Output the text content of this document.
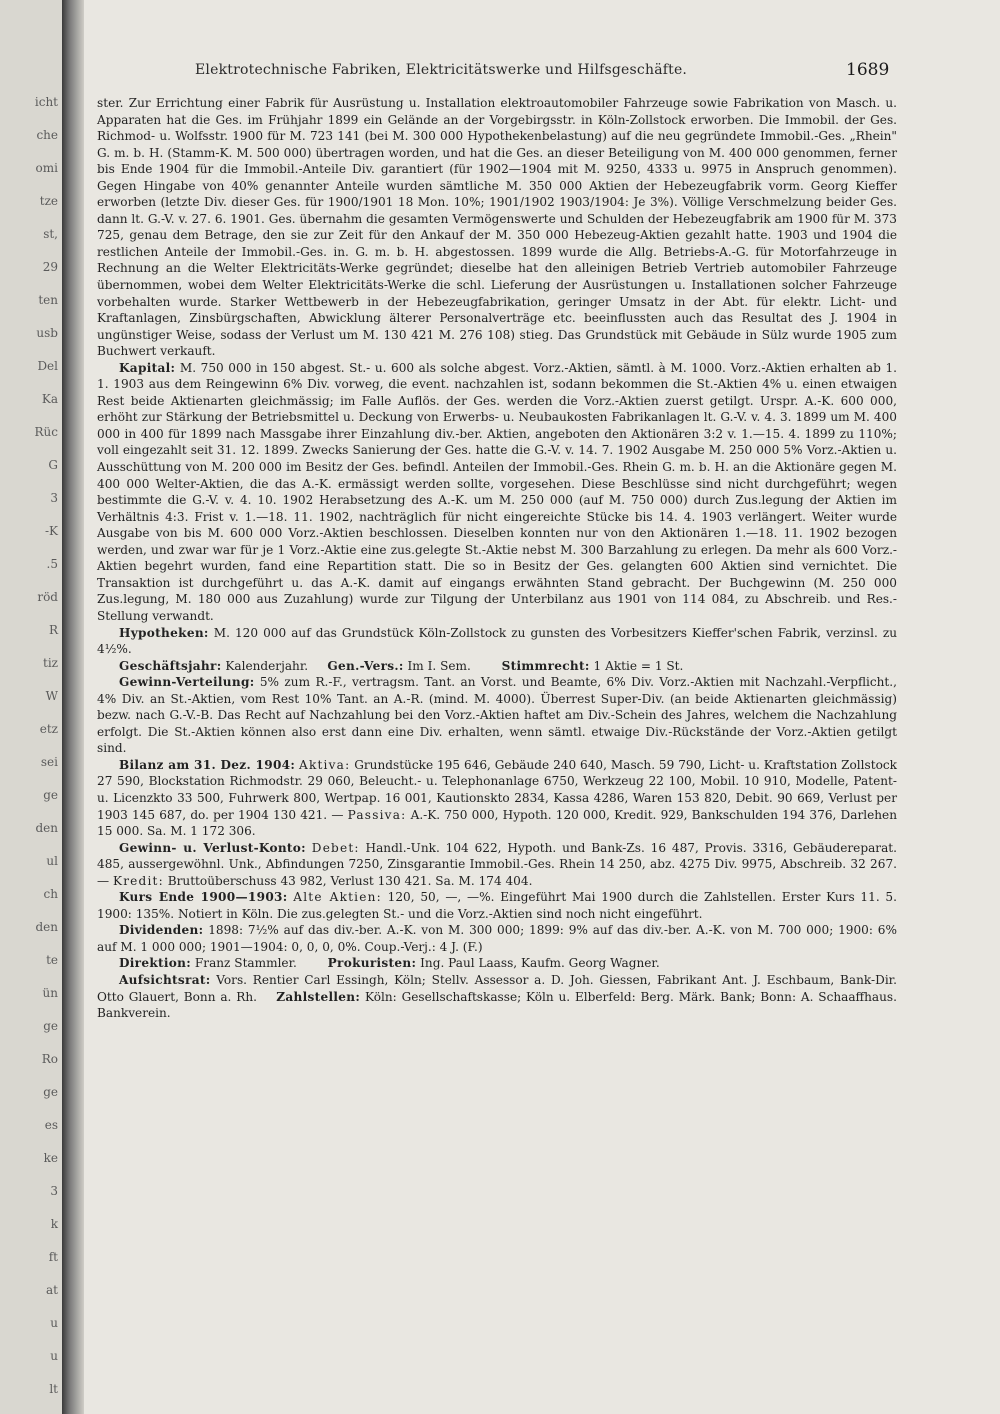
icht
che
omi
tze
st,
29
ten
usb
Del
Ka
Rüc
G
3
-K
.5
röd
R
tiz
W
etz
sei
ge
den
ul
ch
den
te
ün
ge
Ro
ge
es
ke
3
k
ft
at
u
u
lt
Elektrotechnische Fabriken, Elektricitätswerke und Hilfsgeschäfte.	1689

ster. Zur Errichtung einer Fabrik für Ausrüstung u. Installation elektroautomobiler Fahrzeuge sowie Fabrikation von Masch. u. Apparaten hat die Ges. im Frühjahr 1899 ein Gelände an der Vorgebirgsstr. in Köln-Zollstock erworben. Die Immobil. der Ges. Richmod- u. Wolfsstr. 1900 für M. 723 141 (bei M. 300 000 Hypothekenbelastung) auf die neu gegründete Immobil.-Ges. „Rhein" G. m. b. H. (Stamm-K. M. 500 000) übertragen worden, und hat die Ges. an dieser Beteiligung von M. 400 000 genommen, ferner bis Ende 1904 für die Immobil.-Anteile Div. garantiert (für 1902—1904 mit M. 9250, 4333 u. 9975 in Anspruch genommen). Gegen Hingabe von 40% genannter Anteile wurden sämtliche M. 350 000 Aktien der Hebezeugfabrik vorm. Georg Kieffer erworben (letzte Div. dieser Ges. für 1900/1901 18 Mon. 10%; 1901/1902 1903/1904: Je 3%). Völlige Verschmelzung beider Ges. dann lt. G.-V. v. 27. 6. 1901. Ges. übernahm die gesamten Vermögenswerte und Schulden der Hebezeugfabrik am 1900 für M. 373 725, genau dem Betrage, den sie zur Zeit für den Ankauf der M. 350 000 Hebezeug-Aktien gezahlt hatte. 1903 und 1904 die restlichen Anteile der Immobil.-Ges. in. G. m. b. H. abgestossen. 1899 wurde die Allg. Betriebs-A.-G. für Motorfahrzeuge in Rechnung an die Welter Elektricitäts-Werke gegründet; dieselbe hat den alleinigen Betrieb Vertrieb automobiler Fahrzeuge übernommen, wobei dem Welter Elektricitäts-Werke die schl. Lieferung der Ausrüstungen u. Installationen solcher Fahrzeuge vorbehalten wurde. Starker Wettbewerb in der Hebezeugfabrikation, geringer Umsatz in der Abt. für elektr. Licht- und Kraftanlagen, Zinsbürgschaften, Abwicklung älterer Personalverträge etc. beeinflussten auch das Resultat des J. 1904 in ungünstiger Weise, sodass der Verlust um M. 130 421 M. 276 108) stieg. Das Grundstück mit Gebäude in Sülz wurde 1905 zum Buchwert verkauft.

Kapital: M. 750 000 in 150 abgest. St.- u. 600 als solche abgest. Vorz.-Aktien, sämtl. à M. 1000. Vorz.-Aktien erhalten ab 1. 1. 1903 aus dem Reingewinn 6% Div. vorweg, die event. nachzahlen ist, sodann bekommen die St.-Aktien 4% u. einen etwaigen Rest beide Aktienarten gleichmässig; im Falle Auflös. der Ges. werden die Vorz.-Aktien zuerst getilgt. Urspr. A.-K. 600 000, erhöht zur Stärkung der Betriebsmittel u. Deckung von Erwerbs- u. Neubaukosten Fabrikanlagen lt. G.-V. v. 4. 3. 1899 um M. 400 000 in 400 für 1899 nach Massgabe ihrer Einzahlung div.-ber. Aktien, angeboten den Aktionären 3:2 v. 1.—15. 4. 1899 zu 110%; voll eingezahlt seit 31. 12. 1899. Zwecks Sanierung der Ges. hatte die G.-V. v. 14. 7. 1902 Ausgabe M. 250 000 5% Vorz.-Aktien u. Ausschüttung von M. 200 000 im Besitz der Ges. befindl. Anteilen der Immobil.-Ges. Rhein G. m. b. H. an die Aktionäre gegen M. 400 000 Welter-Aktien, die das A.-K. ermässigt werden sollte, vorgesehen. Diese Beschlüsse sind nicht durchgeführt; wegen bestimmte die G.-V. v. 4. 10. 1902 Herabsetzung des A.-K. um M. 250 000 (auf M. 750 000) durch Zus.legung der Aktien im Verhältnis 4:3. Frist v. 1.—18. 11. 1902, nachträglich für nicht eingereichte Stücke bis 14. 4. 1903 verlängert. Weiter wurde Ausgabe von bis M. 600 000 Vorz.-Aktien beschlossen. Dieselben konnten nur von den Aktionären 1.—18. 11. 1902 bezogen werden, und zwar war für je 1 Vorz.-Aktie eine zus.gelegte St.-Aktie nebst M. 300 Barzahlung zu erlegen. Da mehr als 600 Vorz.-Aktien begehrt wurden, fand eine Repartition statt. Die so in Besitz der Ges. gelangten 600 Aktien sind vernichtet. Die Transaktion ist durchgeführt u. das A.-K. damit auf eingangs erwähnten Stand gebracht. Der Buchgewinn (M. 250 000 Zus.legung, M. 180 000 aus Zuzahlung) wurde zur Tilgung der Unterbilanz aus 1901 von 114 084, zu Abschreib. und Res.-Stellung verwandt.

Hypotheken: M. 120 000 auf das Grundstück Köln-Zollstock zu gunsten des Vorbesitzers Kieffer'schen Fabrik, verzinsl. zu 4½%.

Geschäftsjahr: Kalenderjahr. Gen.-Vers.: Im I. Sem.	Stimmrecht: 1 Aktie = 1 St.

Gewinn-Verteilung: 5% zum R.-F., vertragsm. Tant. an Vorst. und Beamte, 6% Div. Vorz.-Aktien mit Nachzahl.-Verpflicht., 4% Div. an St.-Aktien, vom Rest 10% Tant. an A.-R. (mind. M. 4000). Überrest Super-Div. (an beide Aktienarten gleichmässig) bezw. nach G.-V.-B. Das Recht auf Nachzahlung bei den Vorz.-Aktien haftet am Div.-Schein des Jahres, welchem die Nachzahlung erfolgt. Die St.-Aktien können also erst dann eine Div. erhalten, wenn sämtl. etwaige Div.-Rückstände der Vorz.-Aktien getilgt sind.

Bilanz am 31. Dez. 1904: Aktiva: Grundstücke 195 646, Gebäude 240 640, Masch. 59 790, Licht- u. Kraftstation Zollstock 27 590, Blockstation Richmodstr. 29 060, Beleucht.- u. Telephonanlage 6750, Werkzeug 22 100, Mobil. 10 910, Modelle, Patent- u. Licenzkto 33 500, Fuhrwerk 800, Wertpap. 16 001, Kautionskto 2834, Kassa 4286, Waren 153 820, Debit. 90 669, Verlust per 1903 145 687, do. per 1904 130 421. — Passiva: A.-K. 750 000, Hypoth. 120 000, Kredit. 929, Bankschulden 194 376, Darlehen 15 000. Sa. M. 1 172 306.

Gewinn- u. Verlust-Konto: Debet: Handl.-Unk. 104 622, Hypoth. und Bank-Zs. 16 487, Provis. 3316, Gebäudereparat. 485, aussergewöhnl. Unk., Abfindungen 7250, Zinsgarantie Immobil.-Ges. Rhein 14 250, abz. 4275 Div. 9975, Abschreib. 32 267. — Kredit: Bruttoüberschuss 43 982, Verlust 130 421. Sa. M. 174 404.

Kurs Ende 1900—1903: Alte Aktien: 120, 50, —, —%. Eingeführt Mai 1900 durch die Zahlstellen. Erster Kurs 11. 5. 1900: 135%. Notiert in Köln. Die zus.gelegten St.- und die Vorz.-Aktien sind noch nicht eingeführt.

Dividenden: 1898: 7½% auf das div.-ber. A.-K. von M. 300 000; 1899: 9% auf das div.-ber. A.-K. von M. 700 000; 1900: 6% auf M. 1 000 000; 1901—1904: 0, 0, 0, 0%. Coup.-Verj.: 4 J. (F.)

Direktion: Franz Stammler.	Prokuristen: Ing. Paul Laass, Kaufm. Georg Wagner.

Aufsichtsrat: Vors. Rentier Carl Essingh, Köln; Stellv. Assessor a. D. Joh. Giessen, Fabrikant Ant. J. Eschbaum, Bank-Dir. Otto Glauert, Bonn a. Rh. Zahlstellen: Köln: Gesellschaftskasse; Köln u. Elberfeld: Berg. Märk. Bank; Bonn: A. Schaaffhaus. Bankverein.
